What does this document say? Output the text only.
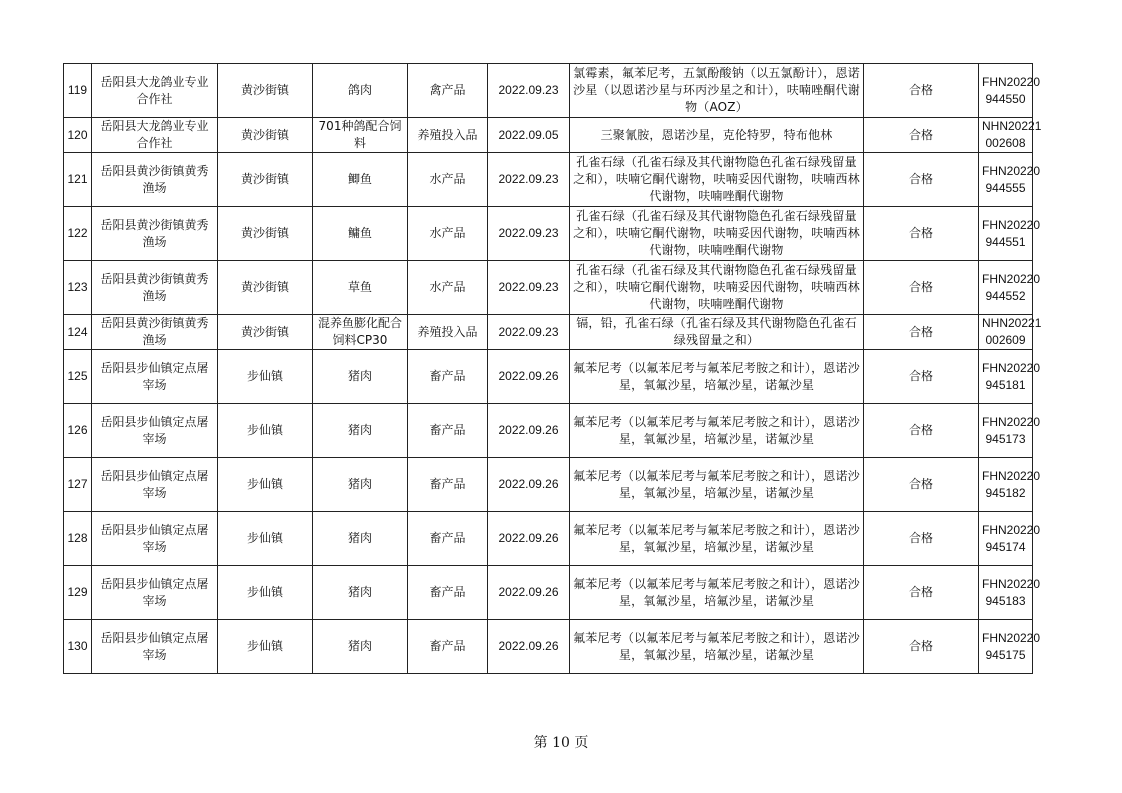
119	岳阳县大龙鸽业专业合作社	黄沙街镇	鸽肉	禽产品	2022.09.23	氯霉素，氟苯尼考，五氯酚酸钠（以五氯酚计），恩诺沙星（以恩诺沙星与环丙沙星之和计），呋喃唑酮代谢物（AOZ）	合格	FHN20220
944550

120	岳阳县大龙鸽业专业合作社	黄沙街镇	701种鸽配合饲料	养殖投入品	2022.09.05	三聚氰胺，恩诺沙星，克伦特罗，特布他林	合格	NHN20221
002608

121	岳阳县黄沙街镇黄秀渔场	黄沙街镇	鲫鱼	水产品	2022.09.23	孔雀石绿（孔雀石绿及其代谢物隐色孔雀石绿残留量之和），呋喃它酮代谢物，呋喃妥因代谢物，呋喃西林代谢物，呋喃唑酮代谢物	合格	FHN20220
944555

122	岳阳县黄沙街镇黄秀渔场	黄沙街镇	鳙鱼	水产品	2022.09.23	孔雀石绿（孔雀石绿及其代谢物隐色孔雀石绿残留量之和），呋喃它酮代谢物，呋喃妥因代谢物，呋喃西林代谢物，呋喃唑酮代谢物	合格	FHN20220
944551

123	岳阳县黄沙街镇黄秀渔场	黄沙街镇	草鱼	水产品	2022.09.23	孔雀石绿（孔雀石绿及其代谢物隐色孔雀石绿残留量之和），呋喃它酮代谢物，呋喃妥因代谢物，呋喃西林代谢物，呋喃唑酮代谢物	合格	FHN20220
944552

124	岳阳县黄沙街镇黄秀渔场	黄沙街镇	混养鱼膨化配合饲料CP30	养殖投入品	2022.09.23	镉，铅，孔雀石绿（孔雀石绿及其代谢物隐色孔雀石绿残留量之和）	合格	NHN20221
002609

125	岳阳县步仙镇定点屠宰场	步仙镇	猪肉	畜产品	2022.09.26	氟苯尼考（以氟苯尼考与氟苯尼考胺之和计），恩诺沙星，氧氟沙星，培氟沙星，诺氟沙星	合格	FHN20220
945181

126	岳阳县步仙镇定点屠宰场	步仙镇	猪肉	畜产品	2022.09.26	氟苯尼考（以氟苯尼考与氟苯尼考胺之和计），恩诺沙星，氧氟沙星，培氟沙星，诺氟沙星	合格	FHN20220
945173

127	岳阳县步仙镇定点屠宰场	步仙镇	猪肉	畜产品	2022.09.26	氟苯尼考（以氟苯尼考与氟苯尼考胺之和计），恩诺沙星，氧氟沙星，培氟沙星，诺氟沙星	合格	FHN20220
945182

128	岳阳县步仙镇定点屠宰场	步仙镇	猪肉	畜产品	2022.09.26	氟苯尼考（以氟苯尼考与氟苯尼考胺之和计），恩诺沙星，氧氟沙星，培氟沙星，诺氟沙星	合格	FHN20220
945174

129	岳阳县步仙镇定点屠宰场	步仙镇	猪肉	畜产品	2022.09.26	氟苯尼考（以氟苯尼考与氟苯尼考胺之和计），恩诺沙星，氧氟沙星，培氟沙星，诺氟沙星	合格	FHN20220
945183

130	岳阳县步仙镇定点屠宰场	步仙镇	猪肉	畜产品	2022.09.26	氟苯尼考（以氟苯尼考与氟苯尼考胺之和计），恩诺沙星，氧氟沙星，培氟沙星，诺氟沙星	合格	FHN20220
945175
第 10 页
